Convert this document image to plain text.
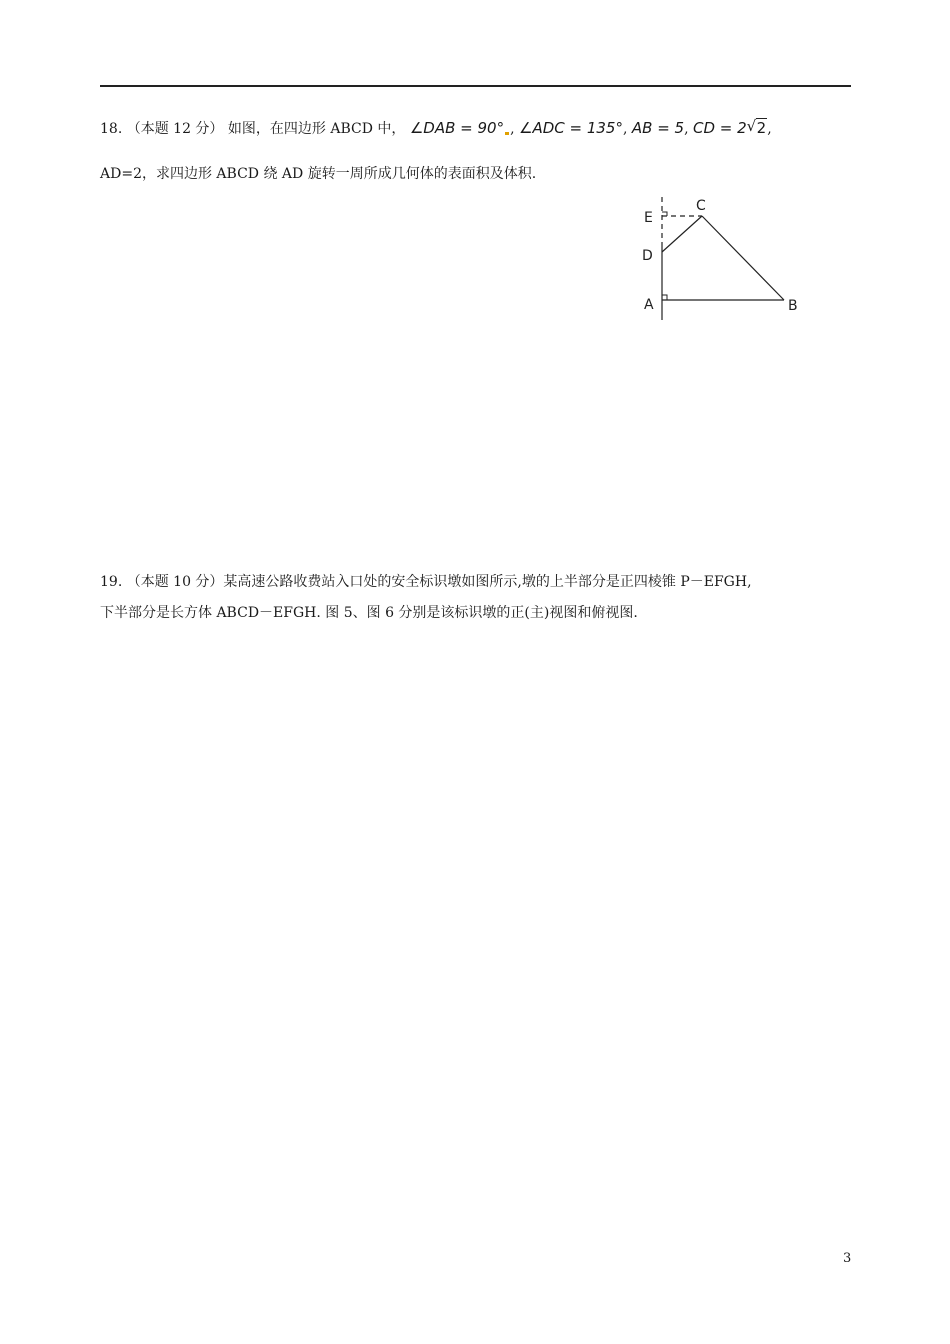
18. （本题 12 分） 如图，在四边形 ABCD 中， ∠DAB = 90° , ∠ADC = 135°, AB = 5, CD = 2 √ 2,
AD=2，求四边形 ABCD 绕 AD 旋转一周所成几何体的表面积及体积.
E
C
D
A	B
19. （本题 10 分）某高速公路收费站入口处的安全标识墩如图所示,墩的上半部分是正四棱锥 P－EFGH,
下半部分是长方体 ABCD－EFGH. 图 5、图 6 分别是该标识墩的正(主)视图和俯视图.
3
